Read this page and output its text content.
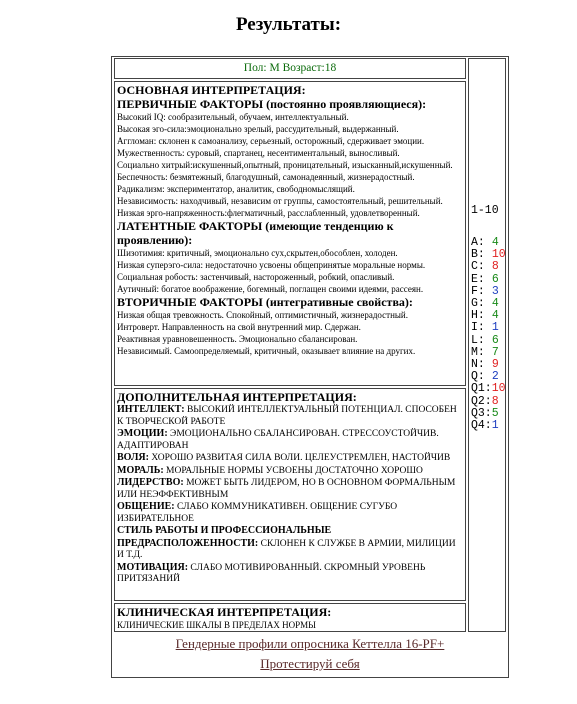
Результаты:
Пол: M Возраст:18
ОСНОВНАЯ ИНТЕРПРЕТАЦИЯ:
ПЕРВИЧНЫЕ ФАКТОРЫ (постоянно проявляющиеся):
Высокий IQ: сообразительный, обучаем, интеллектуальный.
Высокая эго-сила:эмоционально зрелый, рассудительный, выдержанный.
Аггломан: склонен к самоанализу, серьезный, осторожный, сдерживает эмоции.
Мужественность: суровый, спартанец, несентиментальный, выносливый.
Социально хитрый:искушенный,опытный, проницательный, изысканный,искушенный.
Беспечность: безмятежный, благодушный, самонадеянный, жизнерадостный.
Радикализм: экспериментатор, аналитик, свободномыслящий.
Независимость: находчивый, независим от группы, самостоятельный, решительный.
Низкая эрго-напряженность:флегматичный, расслабленный, удовлетворенный.
ЛАТЕНТНЫЕ ФАКТОРЫ (имеющие тенденцию к проявлению):
Шизотимия: критичный, эмоционально сух,скрытен,обособлен, холоден.
Низкая суперэго-сила: недостаточно усвоены общепринятые моральные нормы.
Социальная робость: застенчивый, настороженный, робкий, опасливый.
Аутичный: богатое воображение, богемный, поглащен своими идеями, рассеян.
ВТОРИЧНЫЕ ФАКТОРЫ (интегративные свойства):
Низкая общая тревожность. Спокойный, оптимистичный, жизнерадостный.
Интроверт. Направленность на свой внутренний мир. Сдержан.
Реактивная уравновешенность. Эмоционально сбалансирован.
Независимый. Самоопределяемый, критичный, оказывает влияние на других.
ДОПОЛНИТЕЛЬНАЯ ИНТЕРПРЕТАЦИЯ:
ИНТЕЛЛЕКТ: ВЫСОКИЙ ИНТЕЛЛЕКТУАЛЬНЫЙ ПОТЕНЦИАЛ. СПОСОБЕН К ТВОРЧЕСКОЙ РАБОТЕ
ЭМОЦИИ: ЭМОЦИОНАЛЬНО СБАЛАНСИРОВАН. СТРЕССОУСТОЙЧИВ. АДАПТИРОВАН
ВОЛЯ: ХОРОШО РАЗВИТАЯ СИЛА ВОЛИ. ЦЕЛЕУСТРЕМЛЕН, НАСТОЙЧИВ
МОРАЛЬ: МОРАЛЬНЫЕ НОРМЫ УСВОЕНЫ ДОСТАТОЧНО ХОРОШО
ЛИДЕРСТВО: МОЖЕТ БЫТЬ ЛИДЕРОМ, НО В ОСНОВНОМ ФОРМАЛЬНЫМ ИЛИ НЕЭФФЕКТИВНЫМ
ОБЩЕНИЕ: СЛАБО КОММУНИКАТИВЕН. ОБЩЕНИЕ СУГУБО ИЗБИРАТЕЛЬНОЕ
СТИЛЬ РАБОТЫ И ПРОФЕССИОНАЛЬНЫЕ ПРЕДРАСПОЛОЖЕННОСТИ: СКЛОНЕН К СЛУЖБЕ В АРМИИ, МИЛИЦИИ И Т.Д.
МОТИВАЦИЯ: СЛАБО МОТИВИРОВАННЫЙ. СКРОМНЫЙ УРОВЕНЬ ПРИТЯЗАНИЙ
КЛИНИЧЕСКАЯ ИНТЕРПРЕТАЦИЯ:
КЛИНИЧЕСКИЕ ШКАЛЫ В ПРЕДЕЛАХ НОРМЫ
1-10
A: 4
B: 10
C: 8
E: 6
F: 3
G: 4
H: 4
I: 1
L: 6
M: 7
N: 9
Q: 2
Q1:10
Q2:8
Q3:5
Q4:1
Гендерные профили опросника Кеттелла 16-PF+
Протестируй себя
